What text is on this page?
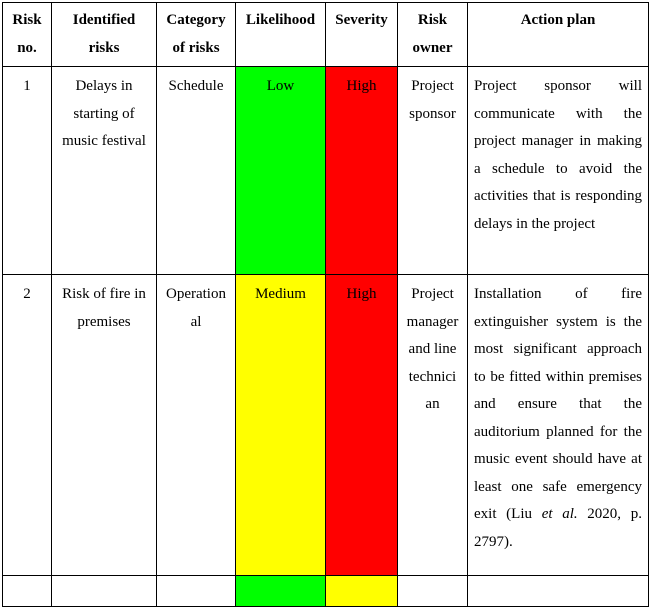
Risk no.	Identified risks	Category of risks	Likelihood	Severity	Risk owner	Action plan
1	Delays in starting of music festival	Schedule	Low	High	Project sponsor	Project sponsor will communicate with the project manager in making a schedule to avoid the activities that is responding delays in the project
2	Risk of fire in premises	Operation al	Medium	High	Project manager and line technici an	Installation of fire extinguisher system is the most significant approach to be fitted within premises and ensure that the auditorium planned for the music event should have at least one safe emergency exit (Liu et al. 2020, p. 2797).
